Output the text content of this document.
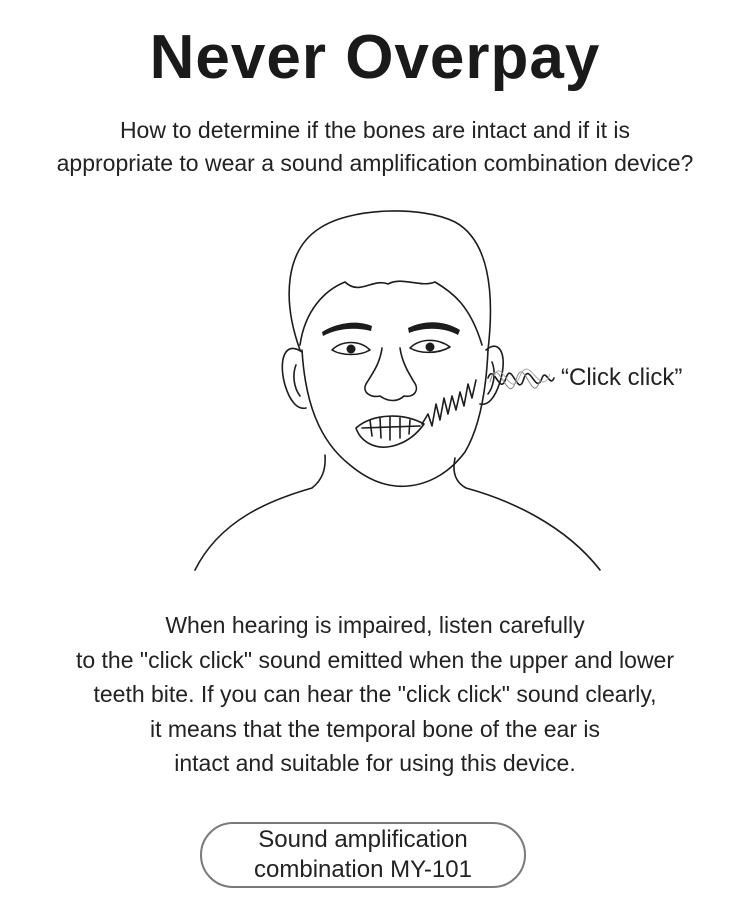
Never Overpay
How to determine if the bones are intact and if it is
appropriate to wear a sound amplification combination device?
“Click click”
When hearing is impaired, listen carefully
to the "click click" sound emitted when the upper and lower
teeth bite. If you can hear the "click click" sound clearly,
it means that the temporal bone of the ear is
intact and suitable for using this device.
Sound amplification
combination MY-101
